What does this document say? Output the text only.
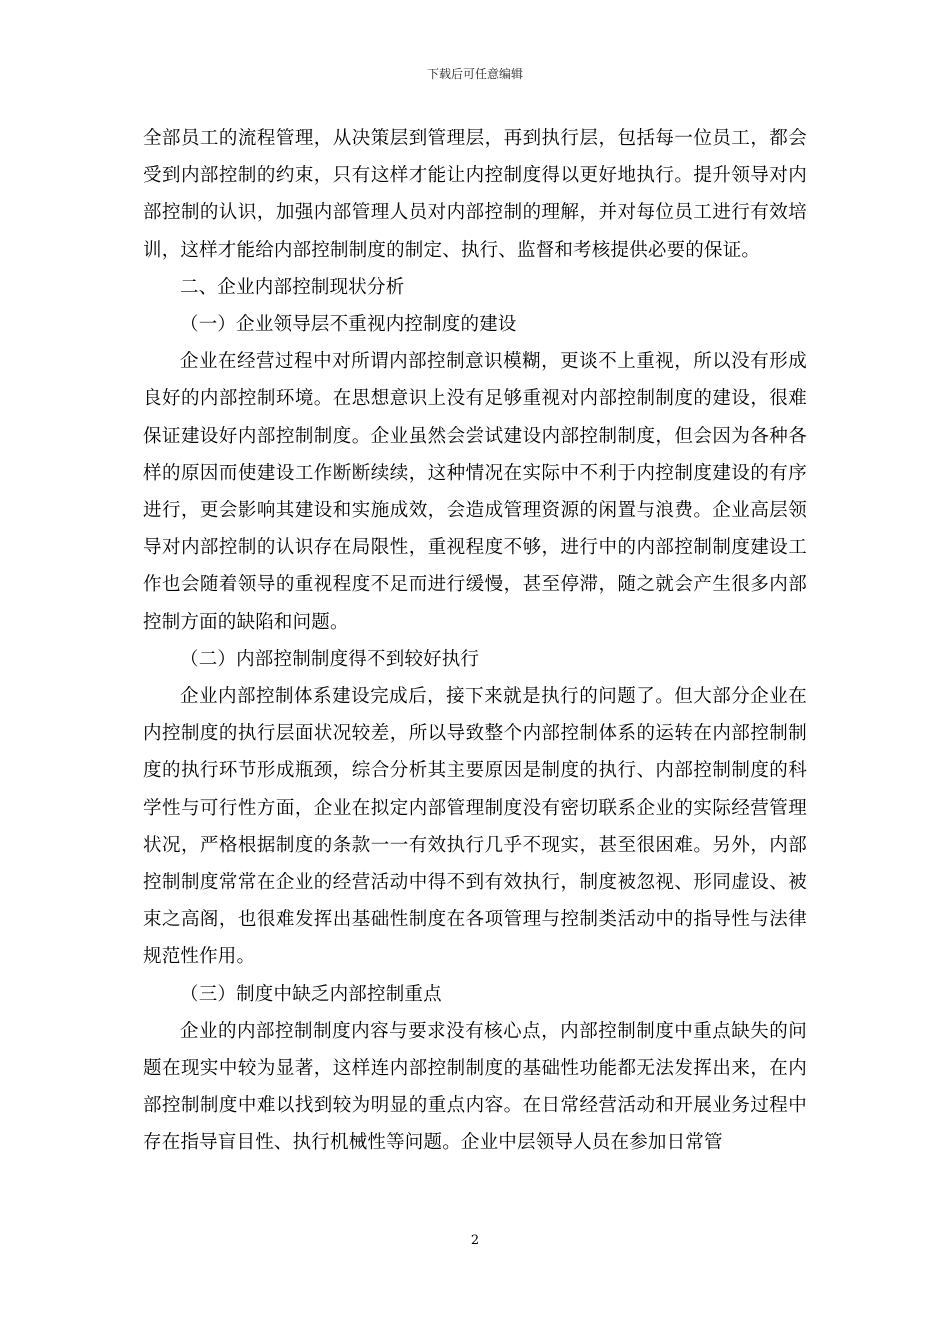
下载后可任意编辑

全部员工的流程管理，从决策层到管理层，再到执行层，包括每一位员工，都会受到内部控制的约束，只有这样才能让内控制度得以更好地执行。提升领导对内部控制的认识，加强内部管理人员对内部控制的理解，并对每位员工进行有效培训，这样才能给内部控制制度的制定、执行、监督和考核提供必要的保证。

二、企业内部控制现状分析

（一）企业领导层不重视内控制度的建设

企业在经营过程中对所谓内部控制意识模糊，更谈不上重视，所以没有形成良好的内部控制环境。在思想意识上没有足够重视对内部控制制度的建设，很难保证建设好内部控制制度。企业虽然会尝试建设内部控制制度，但会因为各种各样的原因而使建设工作断断续续，这种情况在实际中不利于内控制度建设的有序进行，更会影响其建设和实施成效，会造成管理资源的闲置与浪费。企业高层领导对内部控制的认识存在局限性，重视程度不够，进行中的内部控制制度建设工作也会随着领导的重视程度不足而进行缓慢，甚至停滞，随之就会产生很多内部控制方面的缺陷和问题。

（二）内部控制制度得不到较好执行

企业内部控制体系建设完成后，接下来就是执行的问题了。但大部分企业在内控制度的执行层面状况较差，所以导致整个内部控制体系的运转在内部控制制度的执行环节形成瓶颈，综合分析其主要原因是制度的执行、内部控制制度的科学性与可行性方面，企业在拟定内部管理制度没有密切联系企业的实际经营管理状况，严格根据制度的条款一一有效执行几乎不现实，甚至很困难。另外，内部控制制度常常在企业的经营活动中得不到有效执行，制度被忽视、形同虚设、被束之高阁，也很难发挥出基础性制度在各项管理与控制类活动中的指导性与法律规范性作用。

（三）制度中缺乏内部控制重点

企业的内部控制制度内容与要求没有核心点，内部控制制度中重点缺失的问题在现实中较为显著，这样连内部控制制度的基础性功能都无法发挥出来，在内部控制制度中难以找到较为明显的重点内容。在日常经营活动和开展业务过程中存在指导盲目性、执行机械性等问题。企业中层领导人员在参加日常管

2
